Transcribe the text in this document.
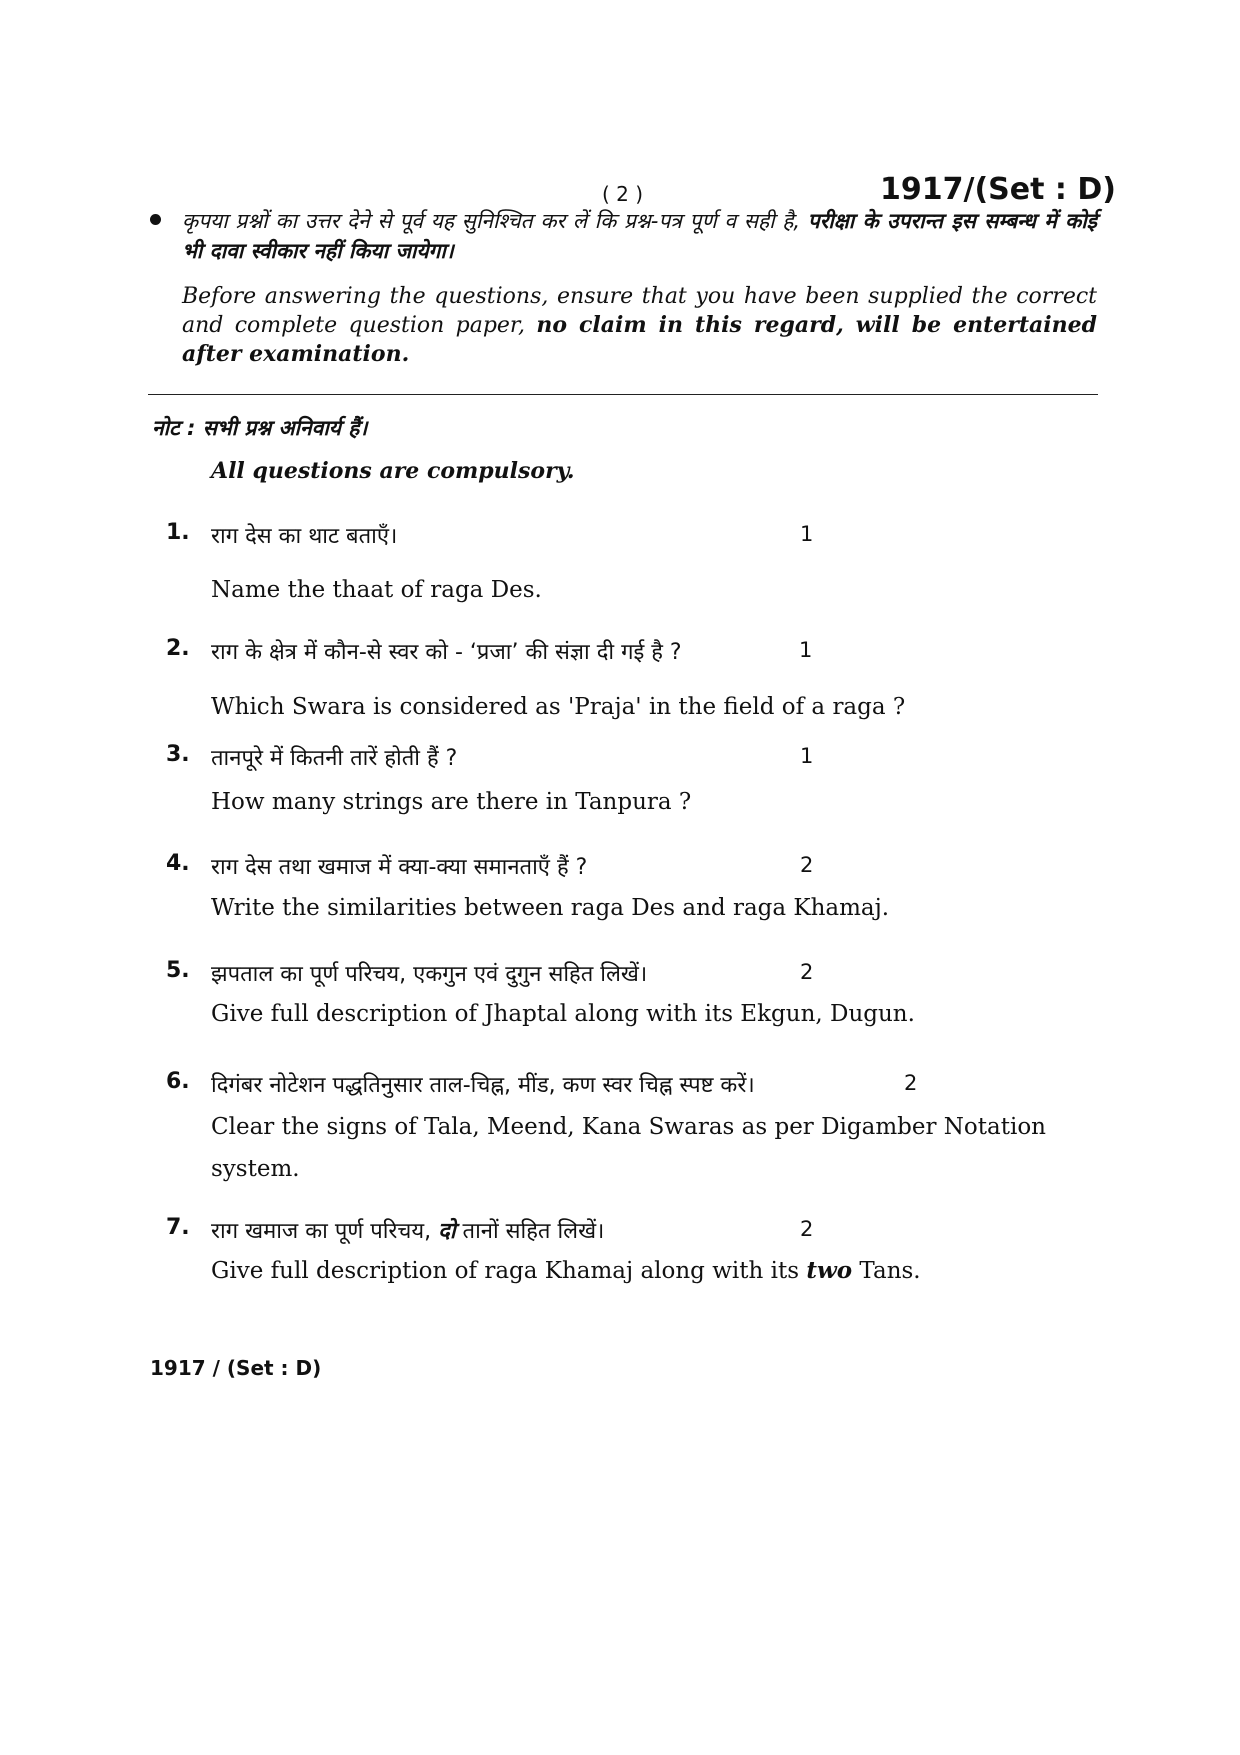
( 2 )	1917/(Set : D)
कृपया प्रश्नों का उत्तर देने से पूर्व यह सुनिश्चित कर लें कि प्रश्न-पत्र पूर्ण व सही है, परीक्षा के उपरान्त इस सम्बन्ध में कोई भी दावा स्वीकार नहीं किया जायेगा।
Before answering the questions, ensure that you have been supplied the correct and complete question paper, no claim in this regard, will be entertained after examination.
नोट : सभी प्रश्न अनिवार्य हैं।
All questions are compulsory.
1. राग देस का थाट बताएँ।	1
Name the thaat of raga Des.
2. राग के क्षेत्र में कौन-से स्वर को - ‘प्रजा’ की संज्ञा दी गई है ?	1
Which Swara is considered as 'Praja' in the field of a raga ?
3. तानपूरे में कितनी तारें होती हैं ?	1
How many strings are there in Tanpura ?
4. राग देस तथा खमाज में क्या-क्या समानताएँ हैं ?	2
Write the similarities between raga Des and raga Khamaj.
5. झपताल का पूर्ण परिचय, एकगुन एवं दुगुन सहित लिखें।	2
Give full description of Jhaptal along with its Ekgun, Dugun.
6. दिगंबर नोटेशन पद्धतिनुसार ताल-चिह्न, मींड, कण स्वर चिह्न स्पष्ट करें।	2
Clear the signs of Tala, Meend, Kana Swaras as per Digamber Notation system.
7. राग खमाज का पूर्ण परिचय, दो तानों सहित लिखें।	2
Give full description of raga Khamaj along with its two Tans.
1917 / (Set : D)
